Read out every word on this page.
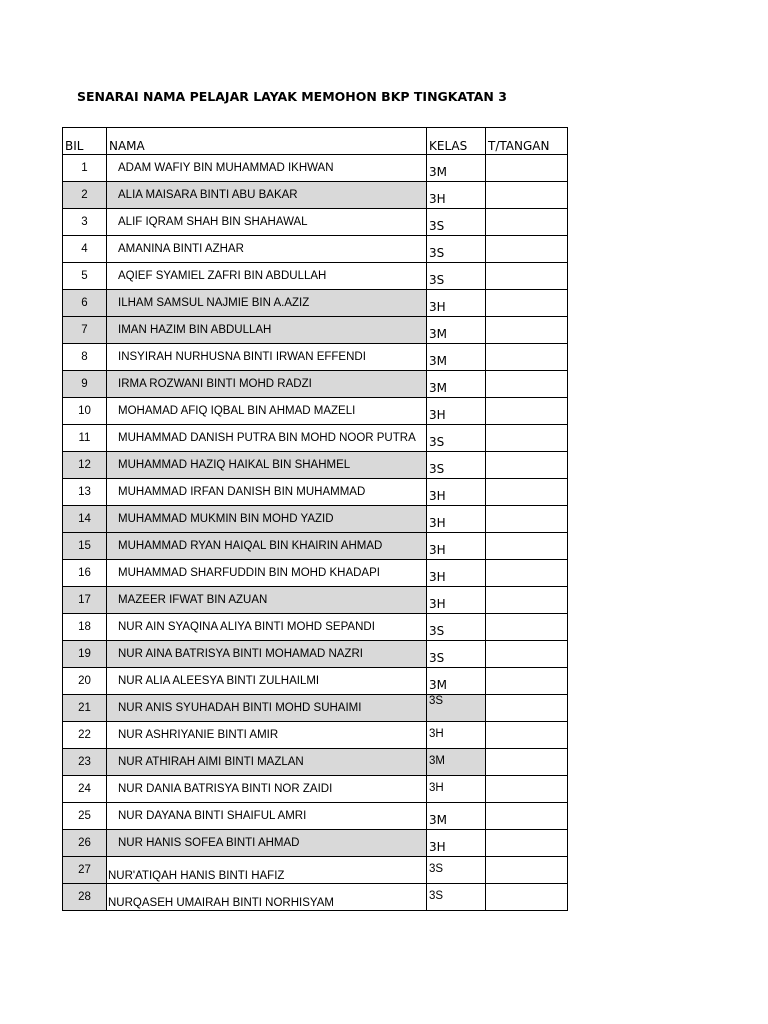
SENARAI NAMA PELAJAR LAYAK MEMOHON BKP TINGKATAN 3
BIL	NAMA	KELAS	T/TANGAN
1	ADAM WAFIY BIN MUHAMMAD IKHWAN	3M	
2	ALIA MAISARA BINTI ABU BAKAR	3H	
3	ALIF IQRAM SHAH BIN SHAHAWAL	3S	
4	AMANINA BINTI AZHAR	3S	
5	AQIEF SYAMIEL ZAFRI BIN ABDULLAH	3S	
6	ILHAM SAMSUL NAJMIE BIN A.AZIZ	3H	
7	IMAN HAZIM BIN ABDULLAH	3M	
8	INSYIRAH NURHUSNA BINTI IRWAN EFFENDI	3M	
9	IRMA ROZWANI BINTI MOHD RADZI	3M	
10	MOHAMAD AFIQ IQBAL BIN AHMAD MAZELI	3H	
11	MUHAMMAD DANISH PUTRA BIN MOHD NOOR PUTRA	3S	
12	MUHAMMAD HAZIQ HAIKAL BIN SHAHMEL	3S	
13	MUHAMMAD IRFAN DANISH BIN MUHAMMAD	3H	
14	MUHAMMAD MUKMIN BIN MOHD YAZID	3H	
15	MUHAMMAD RYAN HAIQAL BIN KHAIRIN AHMAD	3H	
16	MUHAMMAD SHARFUDDIN BIN MOHD KHADAPI	3H	
17	MAZEER IFWAT BIN AZUAN	3H	
18	NUR AIN SYAQINA ALIYA BINTI MOHD SEPANDI	3S	
19	NUR AINA BATRISYA BINTI MOHAMAD NAZRI	3S	
20	NUR ALIA ALEESYA BINTI ZULHAILMI	3M	
21	NUR ANIS SYUHADAH BINTI MOHD SUHAIMI	3S	
22	NUR ASHRIYANIE BINTI AMIR	3H	
23	NUR ATHIRAH AIMI BINTI MAZLAN	3M	
24	NUR DANIA BATRISYA BINTI NOR ZAIDI	3H	
25	NUR DAYANA BINTI SHAIFUL AMRI	3M	
26	NUR HANIS SOFEA BINTI AHMAD	3H	
27	NUR'ATIQAH HANIS BINTI HAFIZ	3S	
28	NURQASEH UMAIRAH BINTI NORHISYAM	3S	
